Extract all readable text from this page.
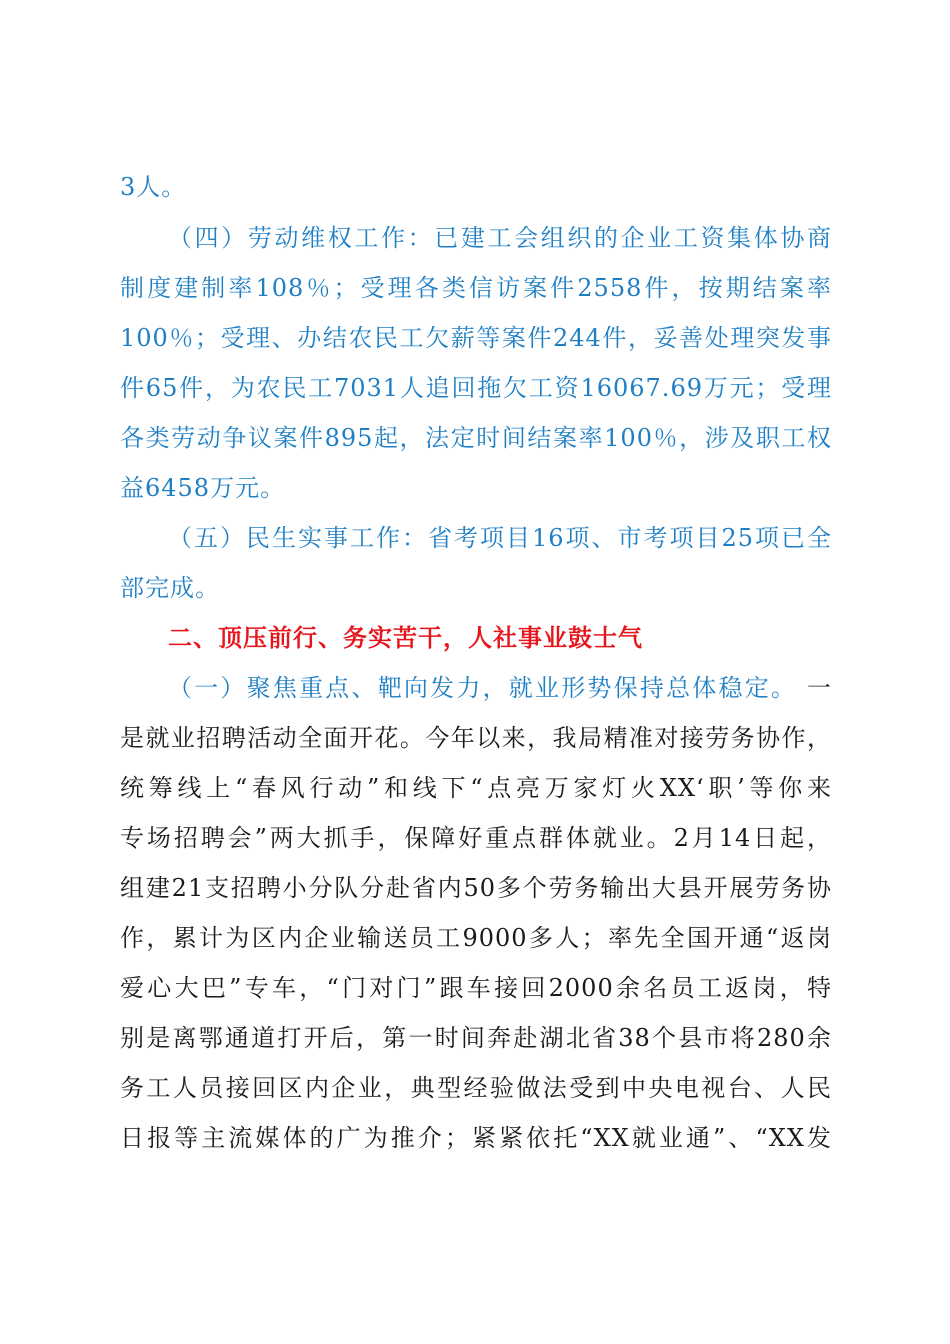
3人。
（四）劳动维权工作：已建工会组织的企业工资集体协商
制度建制率108％；受理各类信访案件2558件，按期结案率
100％；受理、办结农民工欠薪等案件244件，妥善处理突发事
件65件，为农民工7031人追回拖欠工资16067.69万元；受理
各类劳动争议案件895起，法定时间结案率100％，涉及职工权
益6458万元。
（五）民生实事工作：省考项目16项、市考项目25项已全
部完成。
二、顶压前行、务实苦干，人社事业鼓士气
（一）聚焦重点、靶向发力，就业形势保持总体稳定。 一
是就业招聘活动全面开花。今年以来，我局精准对接劳务协作，
统筹线上“春风行动”和线下“点亮万家灯火XX‘职’等你来
专场招聘会”两大抓手，保障好重点群体就业。2月14日起，
组建21支招聘小分队分赴省内50多个劳务输出大县开展劳务协
作，累计为区内企业输送员工9000多人；率先全国开通“返岗
爱心大巴”专车，“门对门”跟车接回2000余名员工返岗，特
别是离鄂通道打开后，第一时间奔赴湖北省38个县市将280余
务工人员接回区内企业，典型经验做法受到中央电视台、人民
日报等主流媒体的广为推介；紧紧依托“XX就业通”、“XX发
